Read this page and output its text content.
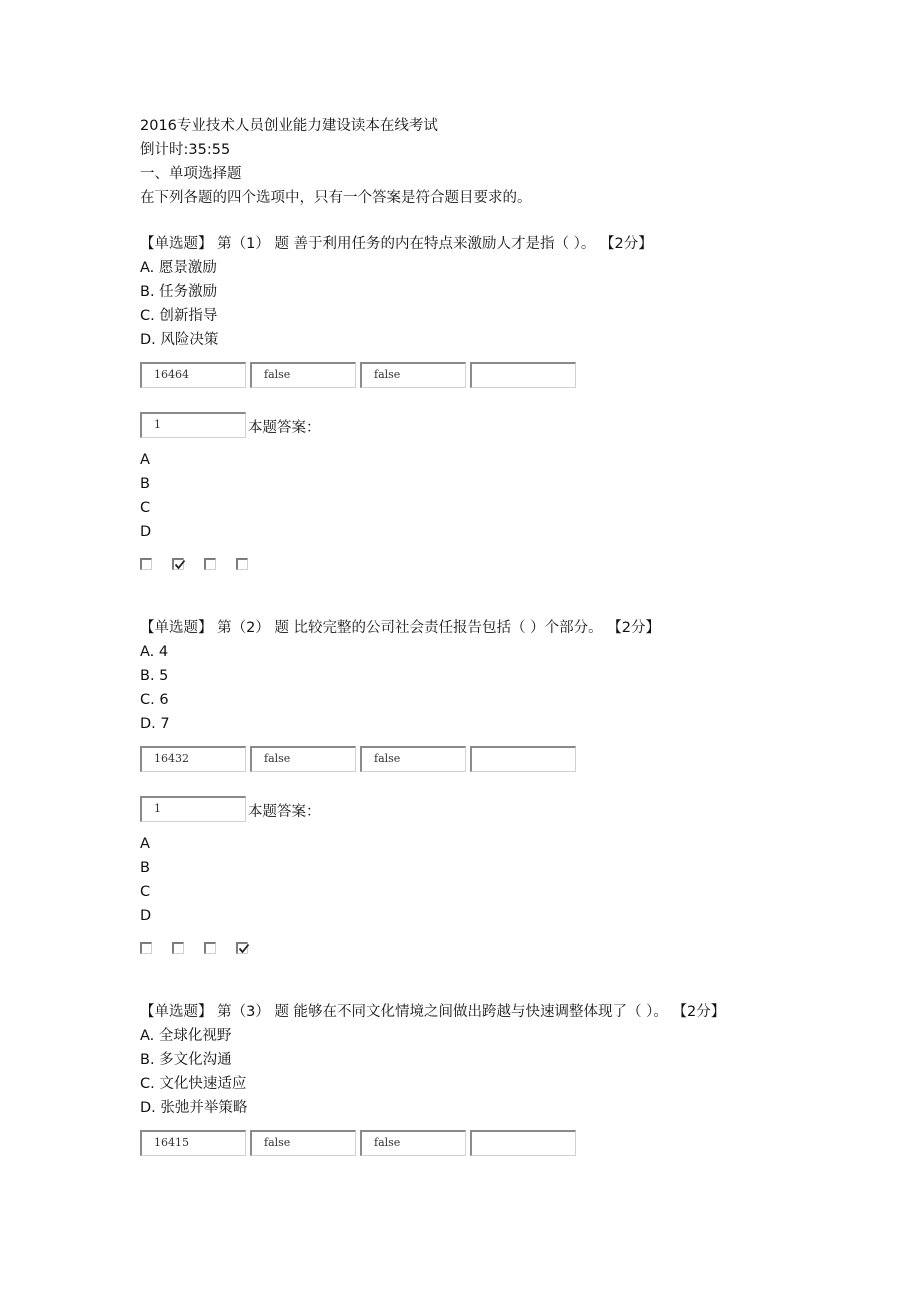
2016专业技术人员创业能力建设读本在线考试
倒计时:35:55
一、单项选择题
在下列各题的四个选项中，只有一个答案是符合题目要求的。
【单选题】 第（1） 题 善于利用任务的内在特点来激励人才是指（ ）。 【2分】
A. 愿景激励
B. 任务激励
C. 创新指导
D. 风险决策
16464	false	false
1	本题答案：
A
B
C
D
【单选题】 第（2） 题 比较完整的公司社会责任报告包括（ ）个部分。 【2分】
A. 4
B. 5
C. 6
D. 7
16432	false	false
1	本题答案：
A
B
C
D
【单选题】 第（3） 题 能够在不同文化情境之间做出跨越与快速调整体现了（ ）。 【2分】
A. 全球化视野
B. 多文化沟通
C. 文化快速适应
D. 张弛并举策略
16415	false	false
